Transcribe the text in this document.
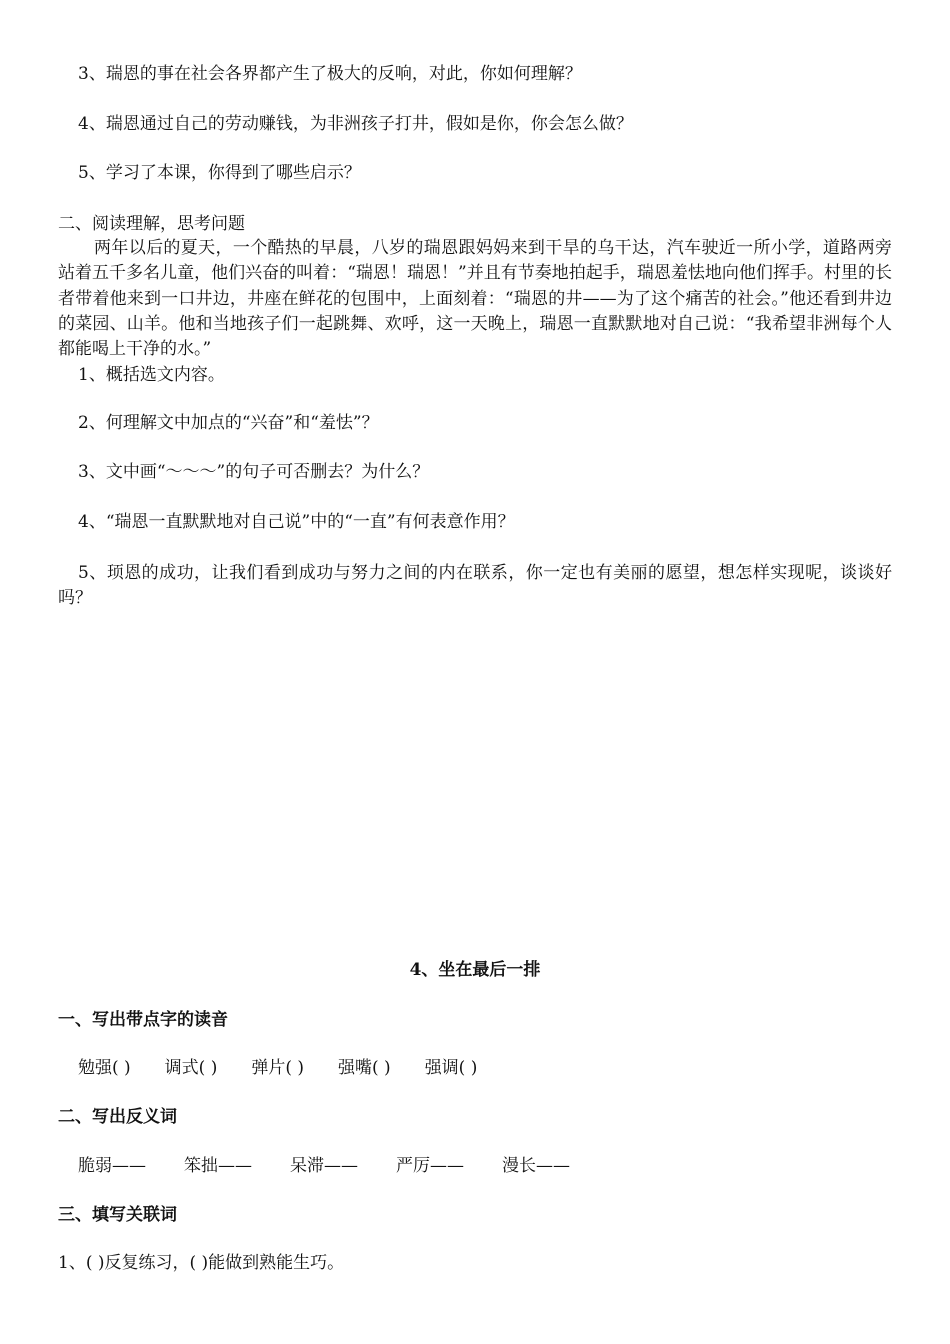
3、瑞恩的事在社会各界都产生了极大的反响，对此，你如何理解？
4、瑞恩通过自己的劳动赚钱，为非洲孩子打井，假如是你，你会怎么做？
5、学习了本课，你得到了哪些启示？
二、阅读理解，思考问题
两年以后的夏天，一个酷热的早晨，八岁的瑞恩跟妈妈来到干旱的乌干达，汽车驶近一所小学，道路两旁站着五千多名儿童，他们兴奋的叫着：“瑞恩！瑞恩！”并且有节奏地拍起手，瑞恩羞怯地向他们挥手。村里的长者带着他来到一口井边，井座在鲜花的包围中，上面刻着：“瑞恩的井——为了这个痛苦的社会。”他还看到井边的菜园、山羊。他和当地孩子们一起跳舞、欢呼，这一天晚上，瑞恩一直默默地对自己说：“我希望非洲每个人都能喝上干净的水。”
1、概括选文内容。
2、何理解文中加点的“兴奋”和“羞怯”？
3、文中画“～～～”的句子可否删去？为什么？
4、“瑞恩一直默默地对自己说”中的“一直”有何表意作用？
5、顼恩的成功，让我们看到成功与努力之间的内在联系，你一定也有美丽的愿望，想怎样实现呢，谈谈好吗？
4、坐在最后一排
一、写出带点字的读音
勉强( ) 调式( ) 弹片( ) 强嘴( ) 强调( )
二、写出反义词
脆弱—— 笨拙—— 呆滞—— 严厉—— 漫长——
三、填写关联词
1、( )反复练习，( )能做到熟能生巧。
